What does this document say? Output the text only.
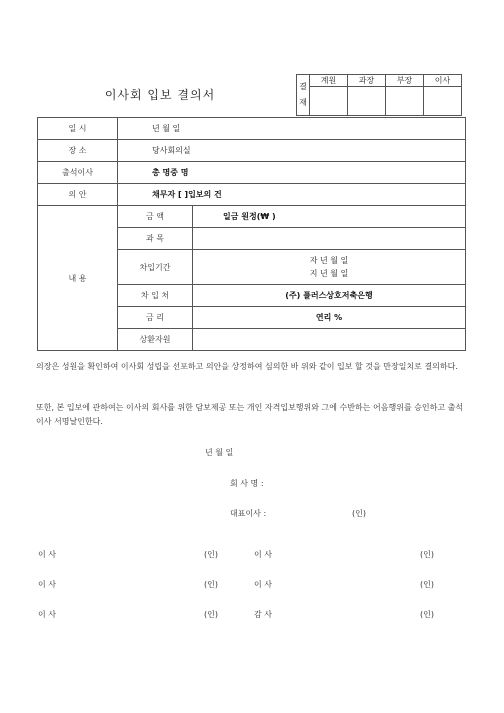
이사회 입보 결의서
결
재	계원	과장	부장	이사

일 시	년 월 일	
장 소	당사회의실	
출석이사	총 명중 명	
의 안	채무자 [ ]입보의 건	
내 용	금 액	일금 원정(₩ )
	과 목	
	차입기간	자 년 월 일
지 년 월 일

	차 입 처	(주) 플러스상호저축은행
	금 리	연리 %
	상환자원	
의장은 성원을 확인하여 이사회 성립을 선포하고 의안을 상정하여 심의한 바 위와 같이 입보 할 것을 만장일치로 결의하다.
또한, 본 입보에 관하여는 이사의 회사를 위한 담보제공 또는 개인 자격입보행위와 그에 수반하는 어음행위를 승인하고 출석이사 서명날인한다.
년 월 일
회 사 명 :
대표이사 :	(인)
이 사	(인)	이 사	(인)
이 사	(인)	이 사	(인)
이 사	(인)	감 사	(인)
